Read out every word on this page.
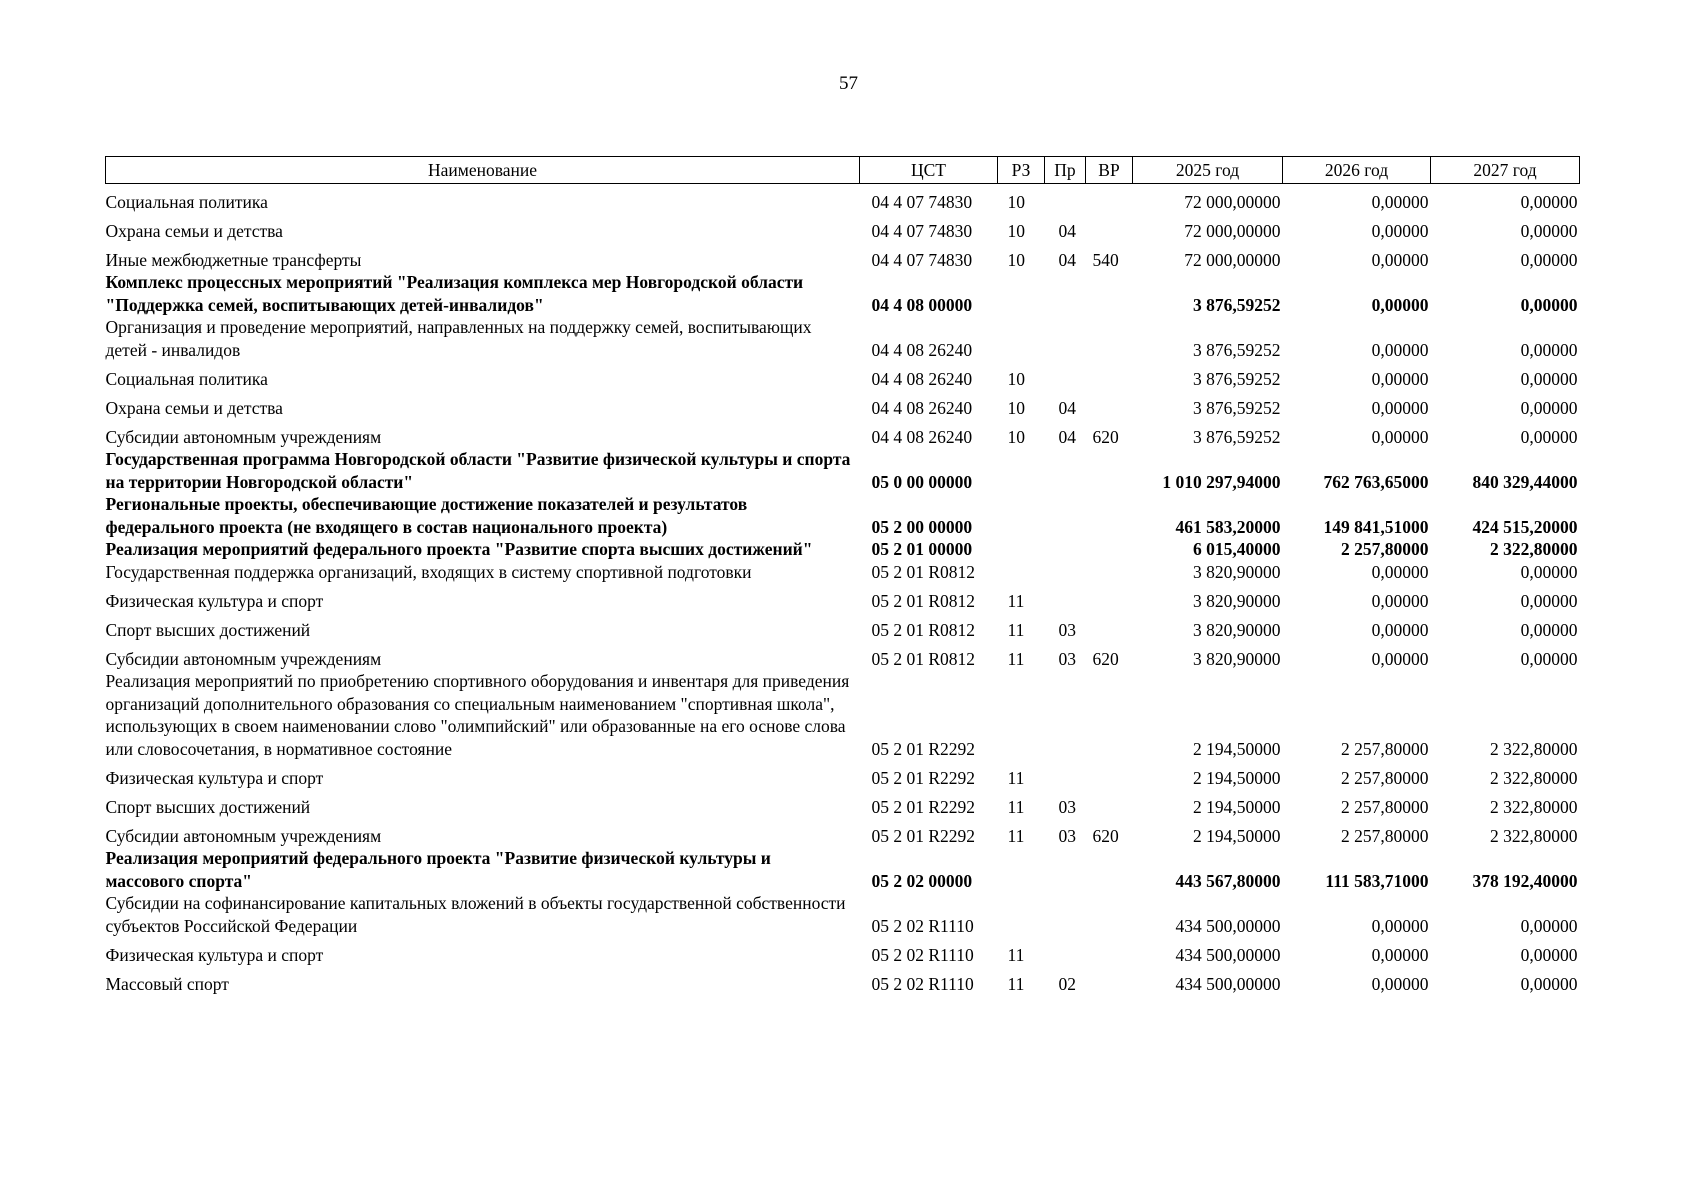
57
Наименование	ЦСТ	РЗ	Пр	ВР	2025 год	2026 год	2027 год
Социальная политика	04 4 07 74830	10			72 000,00000	0,00000	0,00000
Охрана семьи и детства	04 4 07 74830	10	04		72 000,00000	0,00000	0,00000
Иные межбюджетные трансферты	04 4 07 74830	10	04	540	72 000,00000	0,00000	0,00000
Комплекс процессных мероприятий "Реализация комплекса мер Новгородской области "Поддержка семей, воспитывающих детей-инвалидов"	04 4 08 00000				3 876,59252	0,00000	0,00000
Организация и проведение мероприятий, направленных на поддержку семей, воспитывающих детей - инвалидов	04 4 08 26240				3 876,59252	0,00000	0,00000
Социальная политика	04 4 08 26240	10			3 876,59252	0,00000	0,00000
Охрана семьи и детства	04 4 08 26240	10	04		3 876,59252	0,00000	0,00000
Субсидии автономным учреждениям	04 4 08 26240	10	04	620	3 876,59252	0,00000	0,00000
Государственная программа Новгородской области "Развитие физической культуры и спорта на территории Новгородской области"	05 0 00 00000				1 010 297,94000	762 763,65000	840 329,44000
Региональные проекты, обеспечивающие достижение показателей и результатов федерального проекта (не входящего в состав национального проекта)	05 2 00 00000				461 583,20000	149 841,51000	424 515,20000
Реализация мероприятий федерального проекта "Развитие спорта высших достижений"	05 2 01 00000				6 015,40000	2 257,80000	2 322,80000
Государственная поддержка организаций, входящих в систему спортивной подготовки	05 2 01 R0812				3 820,90000	0,00000	0,00000
Физическая культура и спорт	05 2 01 R0812	11			3 820,90000	0,00000	0,00000
Спорт высших достижений	05 2 01 R0812	11	03		3 820,90000	0,00000	0,00000
Субсидии автономным учреждениям	05 2 01 R0812	11	03	620	3 820,90000	0,00000	0,00000
Реализация мероприятий по приобретению спортивного оборудования и инвентаря для приведения организаций дополнительного образования со специальным наименованием "спортивная школа", использующих в своем наименовании слово "олимпийский" или образованные на его основе слова или словосочетания, в нормативное состояние	05 2 01 R2292				2 194,50000	2 257,80000	2 322,80000
Физическая культура и спорт	05 2 01 R2292	11			2 194,50000	2 257,80000	2 322,80000
Спорт высших достижений	05 2 01 R2292	11	03		2 194,50000	2 257,80000	2 322,80000
Субсидии автономным учреждениям	05 2 01 R2292	11	03	620	2 194,50000	2 257,80000	2 322,80000
Реализация мероприятий федерального проекта "Развитие физической культуры и массового спорта"	05 2 02 00000				443 567,80000	111 583,71000	378 192,40000
Субсидии на софинансирование капитальных вложений в объекты государственной собственности субъектов Российской Федерации	05 2 02 R1110				434 500,00000	0,00000	0,00000
Физическая культура и спорт	05 2 02 R1110	11			434 500,00000	0,00000	0,00000
Массовый спорт	05 2 02 R1110	11	02		434 500,00000	0,00000	0,00000
